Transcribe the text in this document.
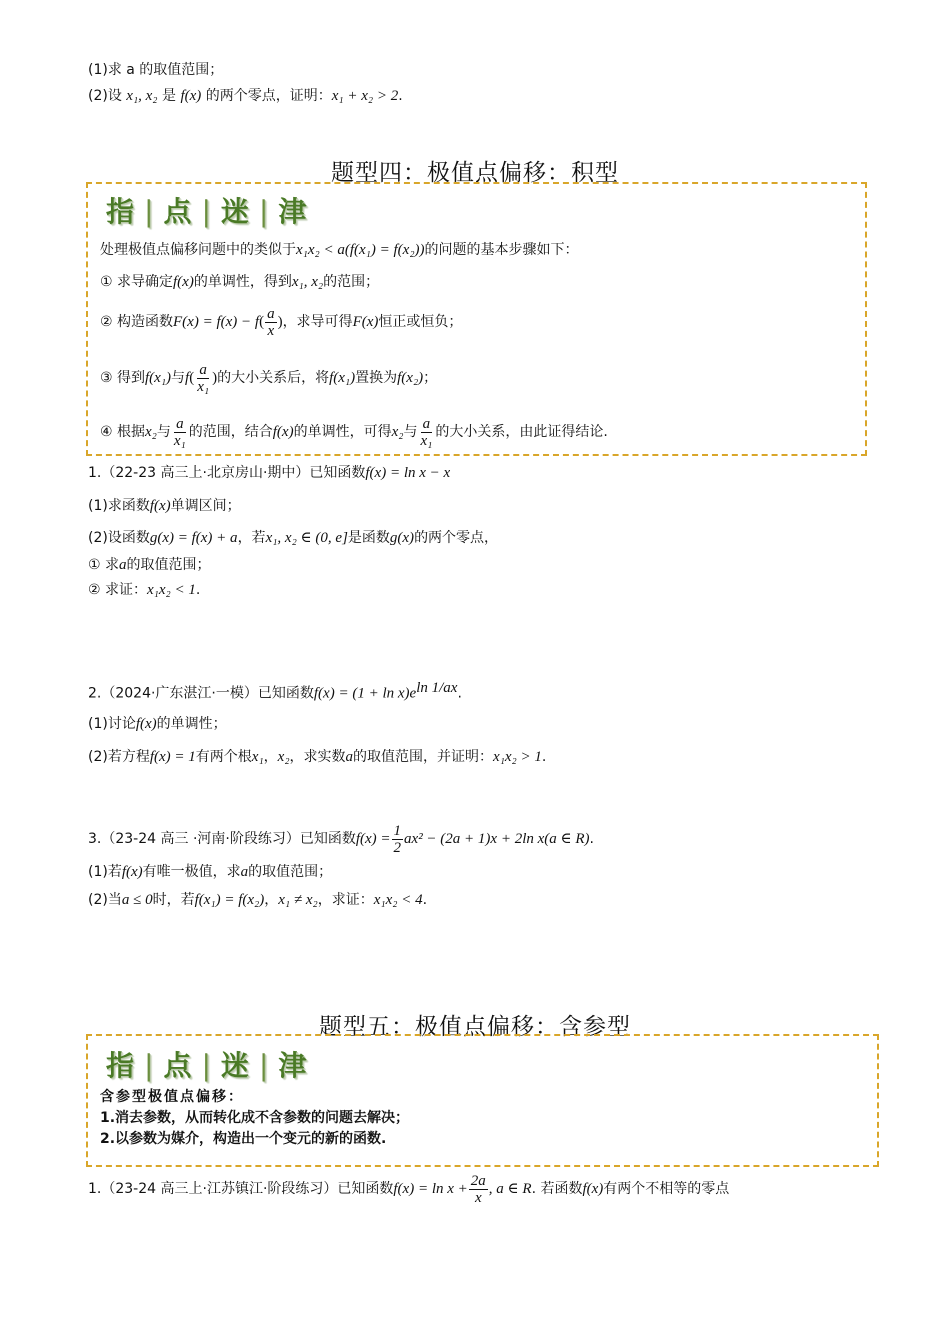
(1)求 a 的取值范围；
(2)设 x₁, x₂ 是 f(x) 的两个零点，证明：x₁ + x₂ > 2.
题型四：极值点偏移：积型
指 | 点 | 迷 | 津
处理极值点偏移问题中的类似于x₁x₂ < a(f(x₁) = f(x₂))的问题的基本步骤如下：
① 求导确定f(x)的单调性，得到x₁, x₂的范围；
② 构造函数$F(x) = f(x) - f( \frac{a}{x}$ )，求导可得F(x)恒正或恒负；
③ 得到f(x₁)与$f( \frac{a}{\text{x₁}}$ )的大小关系后，将f(x₁)置换为f(x₂)；
④ 根据x₂与 $\frac{a}{\text{x₁}}$ 的范围，结合f(x)的单调性，可得x₂与 $\frac{a}{\text{x₁}}$ 的大小关系，由此证得结论.
1.（22-23 高三上·北京房山·期中）已知函数f(x) = ln x − x
(1)求函数f(x)单调区间；
(2)设函数g(x) = f(x) + a，若x₁, x₂ ∈ (0, e]是函数g(x)的两个零点，
① 求a的取值范围；
② 求证：x₁x₂ < 1.
2.（2024·广东湛江·一模）已知函数$f(x) = (1 + \ln x)e^{ln 1/ax}$.
(1)讨论f(x)的单调性；
(2)若方程f(x) = 1有两个根x₁，x₂，求实数a的取值范围，并证明：x₁x₂ > 1.
3.（23-24 高三 ·河南·阶段练习）已知函数$f(x) = \frac{1}{2} ax^2 - (2a + 1)x + 2\ln$ x(a ∈ R).
(1)若f(x)有唯一极值，求a的取值范围；
(2)当a ≤ 0时，若f(x₁) = f(x₂)，x₁ ≠ x₂，求证：x₁x₂ < 4.
题型五：极值点偏移：含参型
指 | 点 | 迷 | 津
含参型极值点偏移：
1.消去参数，从而转化成不含参数的问题去解决；
2.以参数为媒介，构造出一个变元的新的函数.
1.（23-24 高三上·江苏镇江·阶段练习）已知函数$f(x) = \ln x + \frac{2a}{x}$ , a ∈ R. 若函数f(x)有两个不相等的零点
